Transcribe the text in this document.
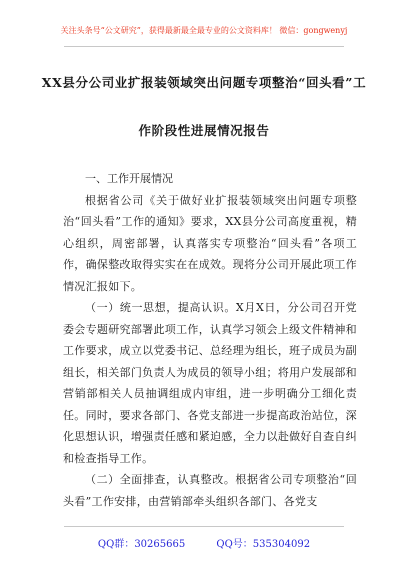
关注头条号“公文研究”，获得最新最全最专业的公文资料库！ 微信：gongwenyj
XX县分公司业扩报装领域突出问题专项整治“回头看”工
作阶段性进展情况报告

一、工作开展情况

根据省公司《关于做好业扩报装领域突出问题专项整治“回头看”工作的通知》要求，XX县分公司高度重视，精心组织，周密部署，认真落实专项整治“回头看”各项工作，确保整改取得实实在在成效。现将分公司开展此项工作情况汇报如下。

（一）统一思想，提高认识。X月X日，分公司召开党委会专题研究部署此项工作，认真学习领会上级文件精神和工作要求，成立以党委书记、总经理为组长，班子成员为副组长，相关部门负责人为成员的领导小组；将用户发展部和营销部相关人员抽调组成内审组，进一步明确分工细化责任。同时，要求各部门、各党支部进一步提高政治站位，深化思想认识，增强责任感和紧迫感，全力以赴做好自查自纠和检查指导工作。

（二）全面排查，认真整改。根据省公司专项整治“回头看”工作安排，由营销部牵头组织各部门、各党支

QQ群：30265665	QQ号：535304092
